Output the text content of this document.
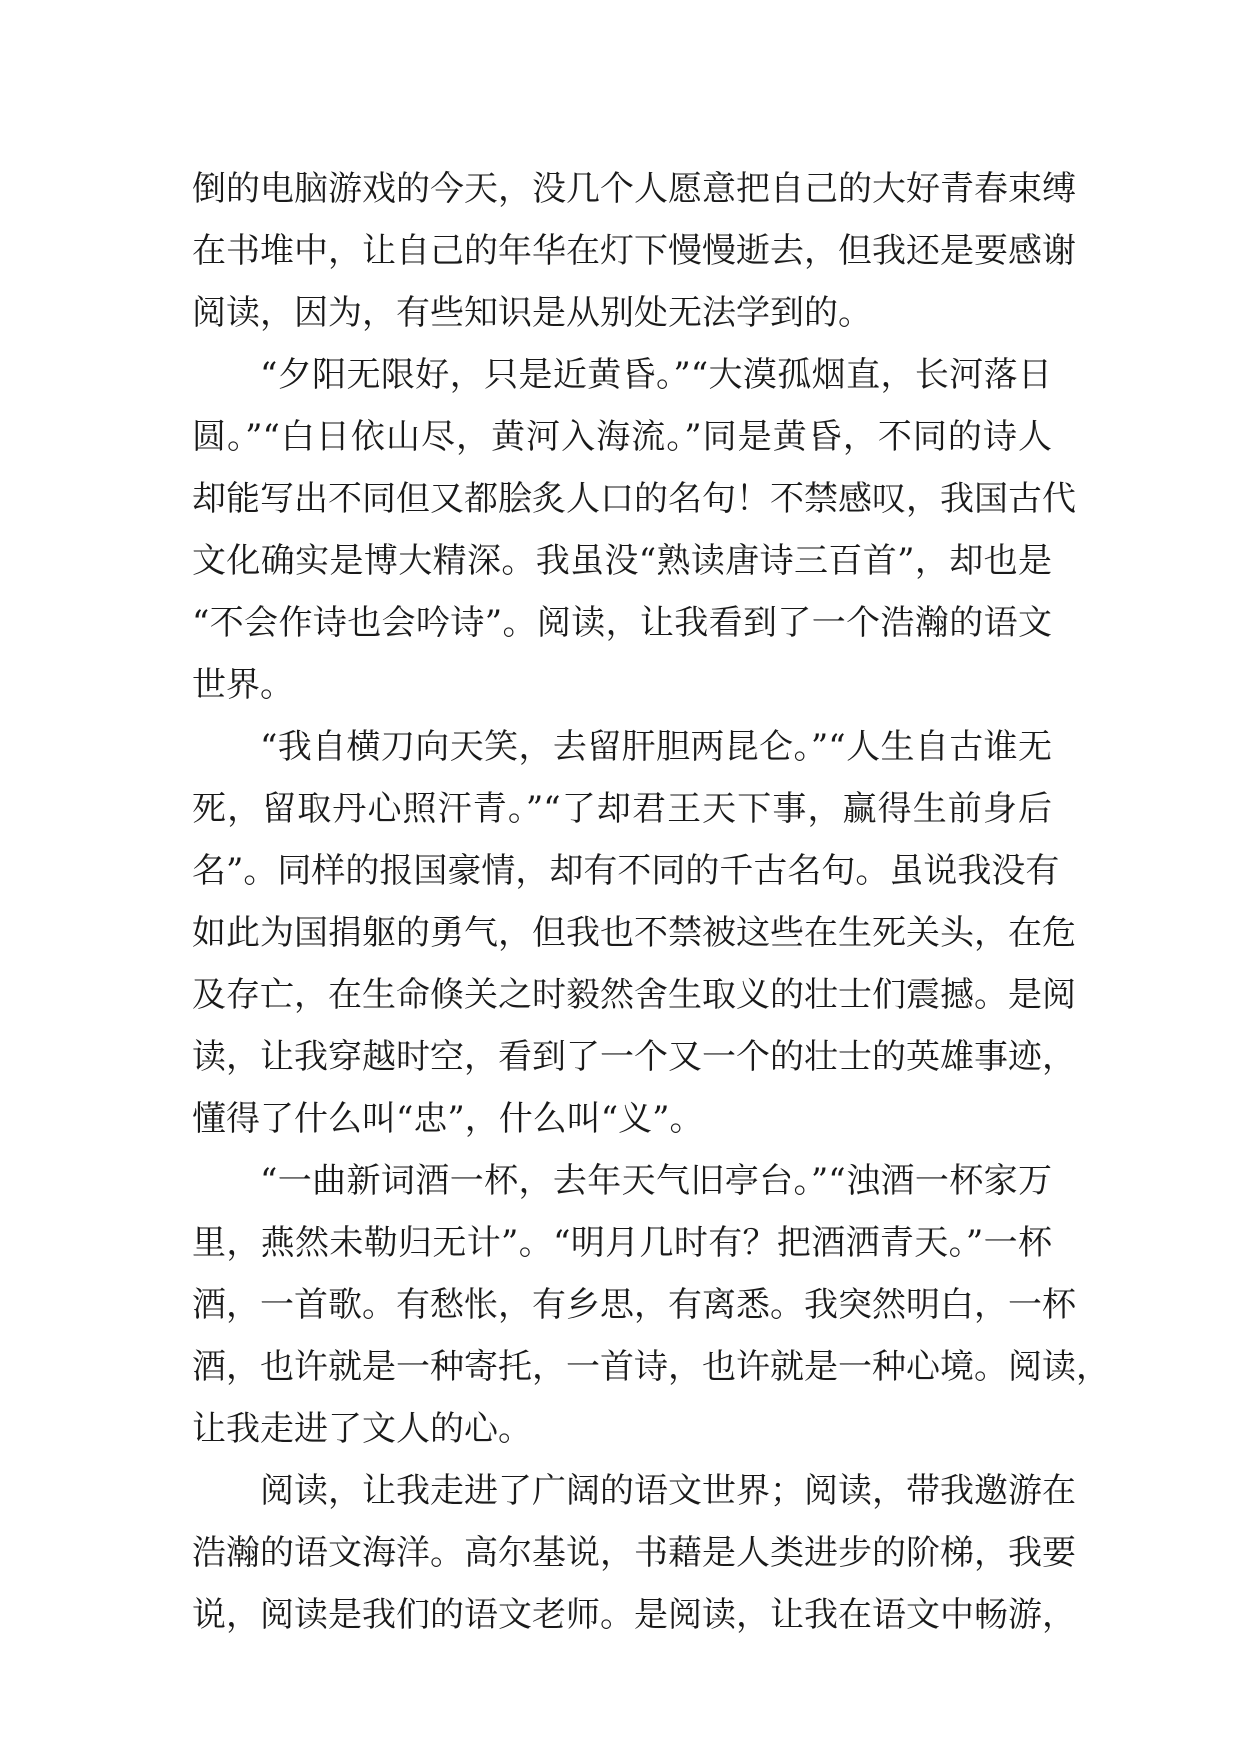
倒的电脑游戏的今天，没几个人愿意把自己的大好青春束缚
在书堆中，让自己的年华在灯下慢慢逝去，但我还是要感谢
阅读，因为，有些知识是从别处无法学到的。
“夕阳无限好，只是近黄昏。”“大漠孤烟直，长河落日
圆。”“白日依山尽，黄河入海流。”同是黄昏，不同的诗人
却能写出不同但又都脍炙人口的名句！不禁感叹，我国古代
文化确实是博大精深。我虽没“熟读唐诗三百首”，却也是
“不会作诗也会吟诗”。阅读，让我看到了一个浩瀚的语文
世界。
“我自横刀向天笑，去留肝胆两昆仑。”“人生自古谁无
死，留取丹心照汗青。”“了却君王天下事，赢得生前身后
名”。同样的报国豪情，却有不同的千古名句。虽说我没有
如此为国捐躯的勇气，但我也不禁被这些在生死关头，在危
及存亡，在生命倏关之时毅然舍生取义的壮士们震撼。是阅
读，让我穿越时空，看到了一个又一个的壮士的英雄事迹，
懂得了什么叫“忠”，什么叫“义”。
“一曲新词酒一杯，去年天气旧亭台。”“浊酒一杯家万
里，燕然未勒归无计”。“明月几时有？把酒洒青天。”一杯
酒，一首歌。有愁怅，有乡思，有离悉。我突然明白，一杯
酒，也许就是一种寄托，一首诗，也许就是一种心境。阅读，
让我走进了文人的心。
阅读，让我走进了广阔的语文世界；阅读，带我邀游在
浩瀚的语文海洋。高尔基说，书藉是人类进步的阶梯，我要
说，阅读是我们的语文老师。是阅读，让我在语文中畅游，
